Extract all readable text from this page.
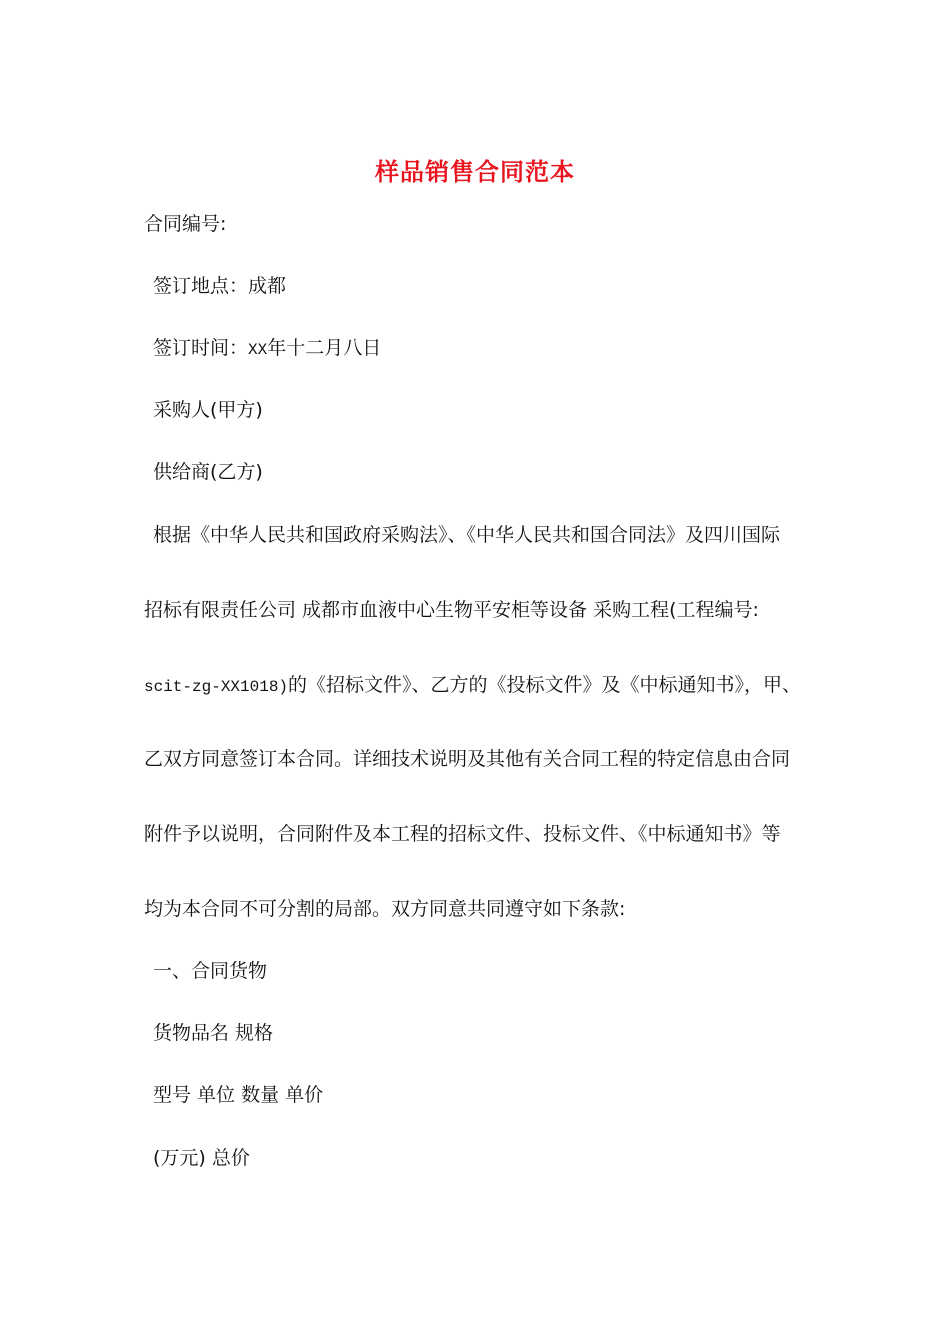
样品销售合同范本
合同编号:
签订地点：成都
签订时间：XX年十二月八日
采购人(甲方)
供给商(乙方)
根据《中华人民共和国政府采购法》、《中华人民共和国合同法》及四川国际
招标有限责任公司 成都市血液中心生物平安柜等设备 采购工程(工程编号:
scit-zg-XX1018)的《招标文件》、乙方的《投标文件》及《中标通知书》，甲、
乙双方同意签订本合同。详细技术说明及其他有关合同工程的特定信息由合同
附件予以说明，合同附件及本工程的招标文件、投标文件、《中标通知书》等
均为本合同不可分割的局部。双方同意共同遵守如下条款:
一、合同货物
货物品名 规格
型号 单位 数量 单价
(万元) 总价
